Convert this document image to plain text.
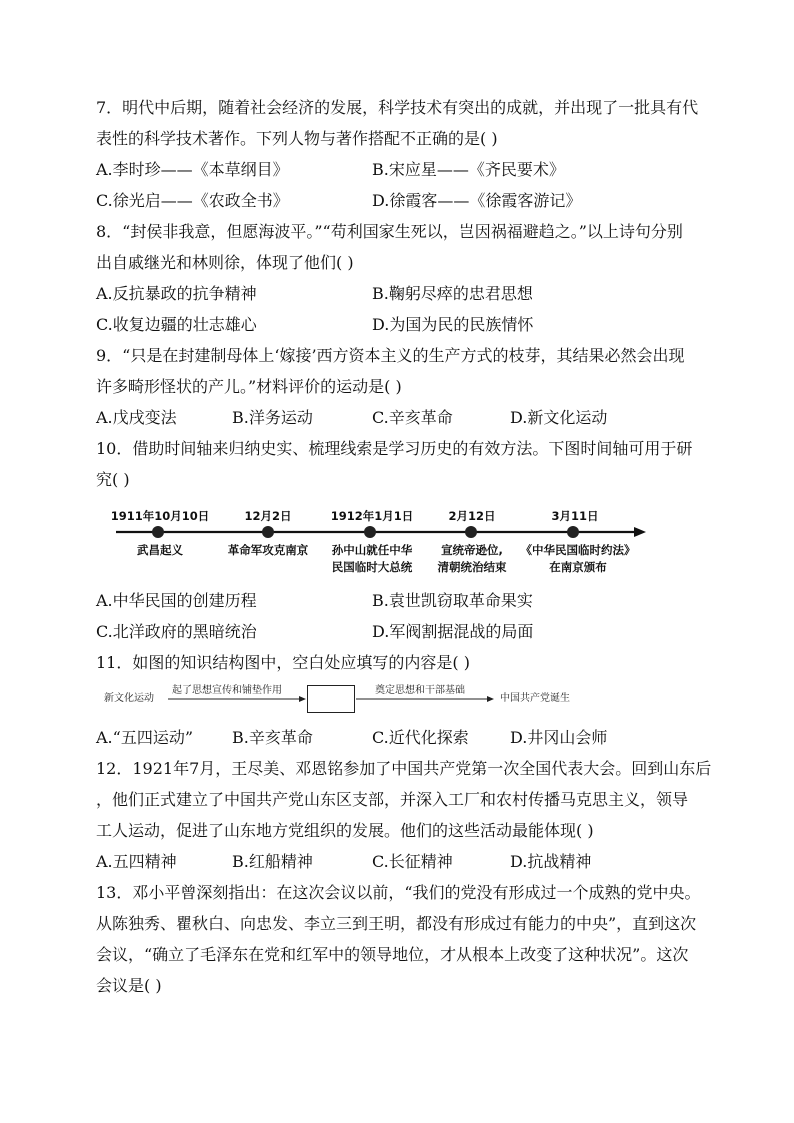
7．明代中后期，随着社会经济的发展，科学技术有突出的成就，并出现了一批具有代
表性的科学技术著作。下列人物与著作搭配不正确的是( )
A.李时珍——《本草纲目》	B.宋应星——《齐民要术》
C.徐光启——《农政全书》	D.徐霞客——《徐霞客游记》
8．“封侯非我意，但愿海波平。”“苟利国家生死以，岂因祸福避趋之。”以上诗句分别
出自戚继光和林则徐，体现了他们( )
A.反抗暴政的抗争精神	B.鞠躬尽瘁的忠君思想
C.收复边疆的壮志雄心	D.为国为民的民族情怀
9．“只是在封建制母体上‘嫁接’西方资本主义的生产方式的枝芽，其结果必然会出现
许多畸形怪状的产儿。”材料评价的运动是( )
A.戊戌变法	B.洋务运动	C.辛亥革命	D.新文化运动
10．借助时间轴来归纳史实、梳理线索是学习历史的有效方法。下图时间轴可用于研
究( )
1911年10月10日
武昌起义
12月2日
革命军攻克南京
1912年1月1日
孙中山就任中华
民国临时大总统
2月12日
宣统帝逊位,
清朝统治结束
3月11日
《中华民国临时约法》
在南京颁布
A.中华民国的创建历程	B.袁世凯窃取革命果实
C.北洋政府的黑暗统治	D.军阀割据混战的局面
11．如图的知识结构图中，空白处应填写的内容是( )
新文化运动
起了思想宣传和铺垫作用	奠定思想和干部基础
中国共产党诞生
A.“五四运动” B.辛亥革命	C.近代化探索	D.井冈山会师
12．1921年7月，王尽美、邓恩铭参加了中国共产党第一次全国代表大会。回到山东后
，他们正式建立了中国共产党山东区支部，并深入工厂和农村传播马克思主义，领导
工人运动，促进了山东地方党组织的发展。他们的这些活动最能体现( )
A.五四精神	B.红船精神	C.长征精神	D.抗战精神
13．邓小平曾深刻指出：在这次会议以前，“我们的党没有形成过一个成熟的党中央。
从陈独秀、瞿秋白、向忠发、李立三到王明，都没有形成过有能力的中央”，直到这次
会议，“确立了毛泽东在党和红军中的领导地位，才从根本上改变了这种状况”。这次
会议是( )
